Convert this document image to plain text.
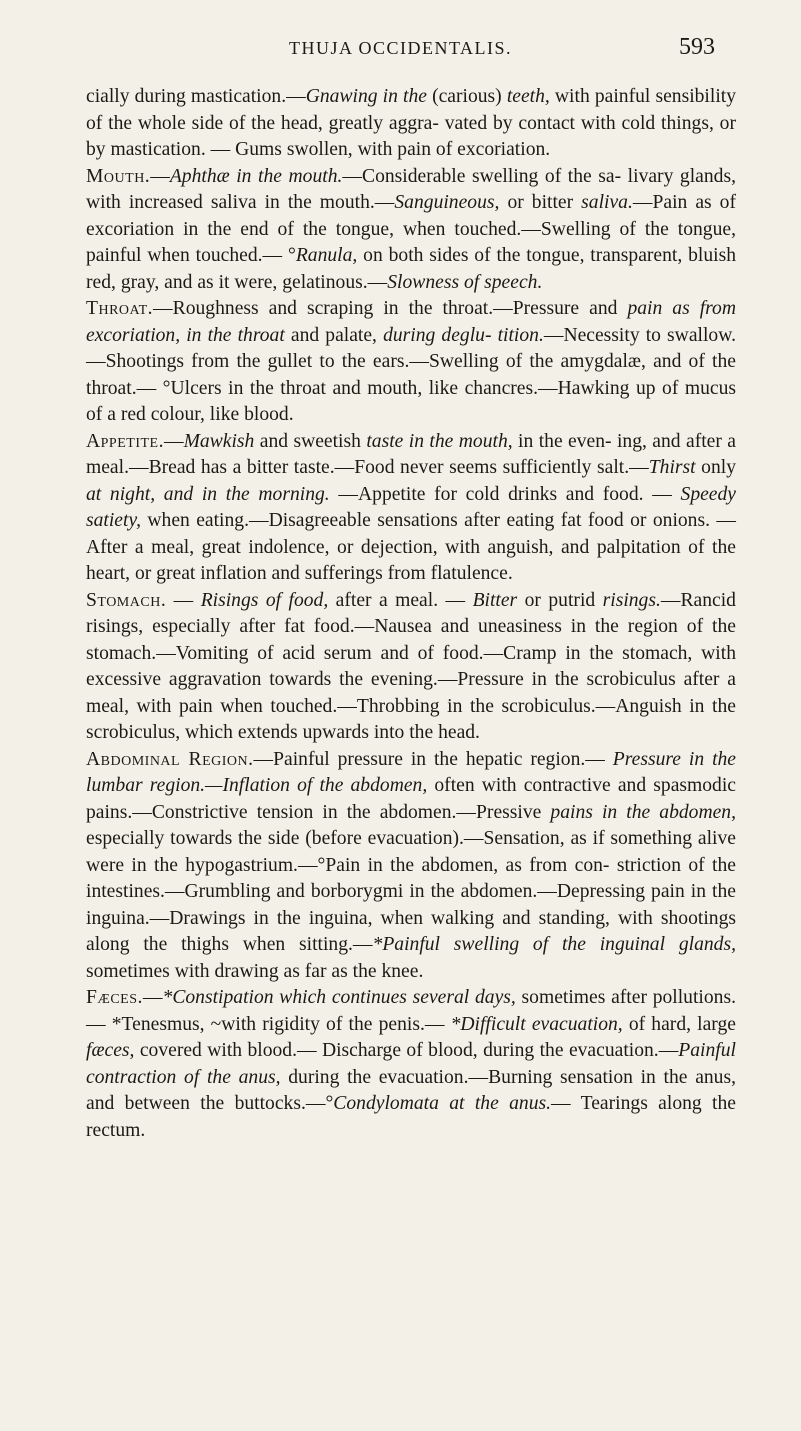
THUJA OCCIDENTALIS.	593

cially during mastication.—Gnawing in the (carious) teeth, with painful sensibility of the whole side of the head, greatly aggra- vated by contact with cold things, or by mastication. — Gums swollen, with pain of excoriation.

Mouth.—Aphthæ in the mouth.—Considerable swelling of the sa- livary glands, with increased saliva in the mouth.—Sanguineous, or bitter saliva.—Pain as of excoriation in the end of the tongue, when touched.—Swelling of the tongue, painful when touched.— °Ranula, on both sides of the tongue, transparent, bluish red, gray, and as it were, gelatinous.—Slowness of speech.

Throat.—Roughness and scraping in the throat.—Pressure and pain as from excoriation, in the throat and palate, during deglu- tition.—Necessity to swallow.—Shootings from the gullet to the ears.—Swelling of the amygdalæ, and of the throat.— °Ulcers in the throat and mouth, like chancres.—Hawking up of mucus of a red colour, like blood.

Appetite.—Mawkish and sweetish taste in the mouth, in the even- ing, and after a meal.—Bread has a bitter taste.—Food never seems sufficiently salt.—Thirst only at night, and in the morning. —Appetite for cold drinks and food. — Speedy satiety, when eating.—Disagreeable sensations after eating fat food or onions. —After a meal, great indolence, or dejection, with anguish, and palpitation of the heart, or great inflation and sufferings from flatulence.

Stomach. — Risings of food, after a meal. — Bitter or putrid risings.—Rancid risings, especially after fat food.—Nausea and uneasiness in the region of the stomach.—Vomiting of acid serum and of food.—Cramp in the stomach, with excessive aggravation towards the evening.—Pressure in the scrobiculus after a meal, with pain when touched.—Throbbing in the scrobiculus.—Anguish in the scrobiculus, which extends upwards into the head.

Abdominal Region.—Painful pressure in the hepatic region.— Pressure in the lumbar region.—Inflation of the abdomen, often with contractive and spasmodic pains.—Constrictive tension in the abdomen.—Pressive pains in the abdomen, especially towards the side (before evacuation).—Sensation, as if something alive were in the hypogastrium.—°Pain in the abdomen, as from con- striction of the intestines.—Grumbling and borborygmi in the abdomen.—Depressing pain in the inguina.—Drawings in the inguina, when walking and standing, with shootings along the thighs when sitting.—*Painful swelling of the inguinal glands, sometimes with drawing as far as the knee.

Fæces.—*Constipation which continues several days, sometimes after pollutions. — *Tenesmus, ~with rigidity of the penis.— *Difficult evacuation, of hard, large fæces, covered with blood.— Discharge of blood, during the evacuation.—Painful contraction of the anus, during the evacuation.—Burning sensation in the anus, and between the buttocks.—°Condylomata at the anus.— Tearings along the rectum.
